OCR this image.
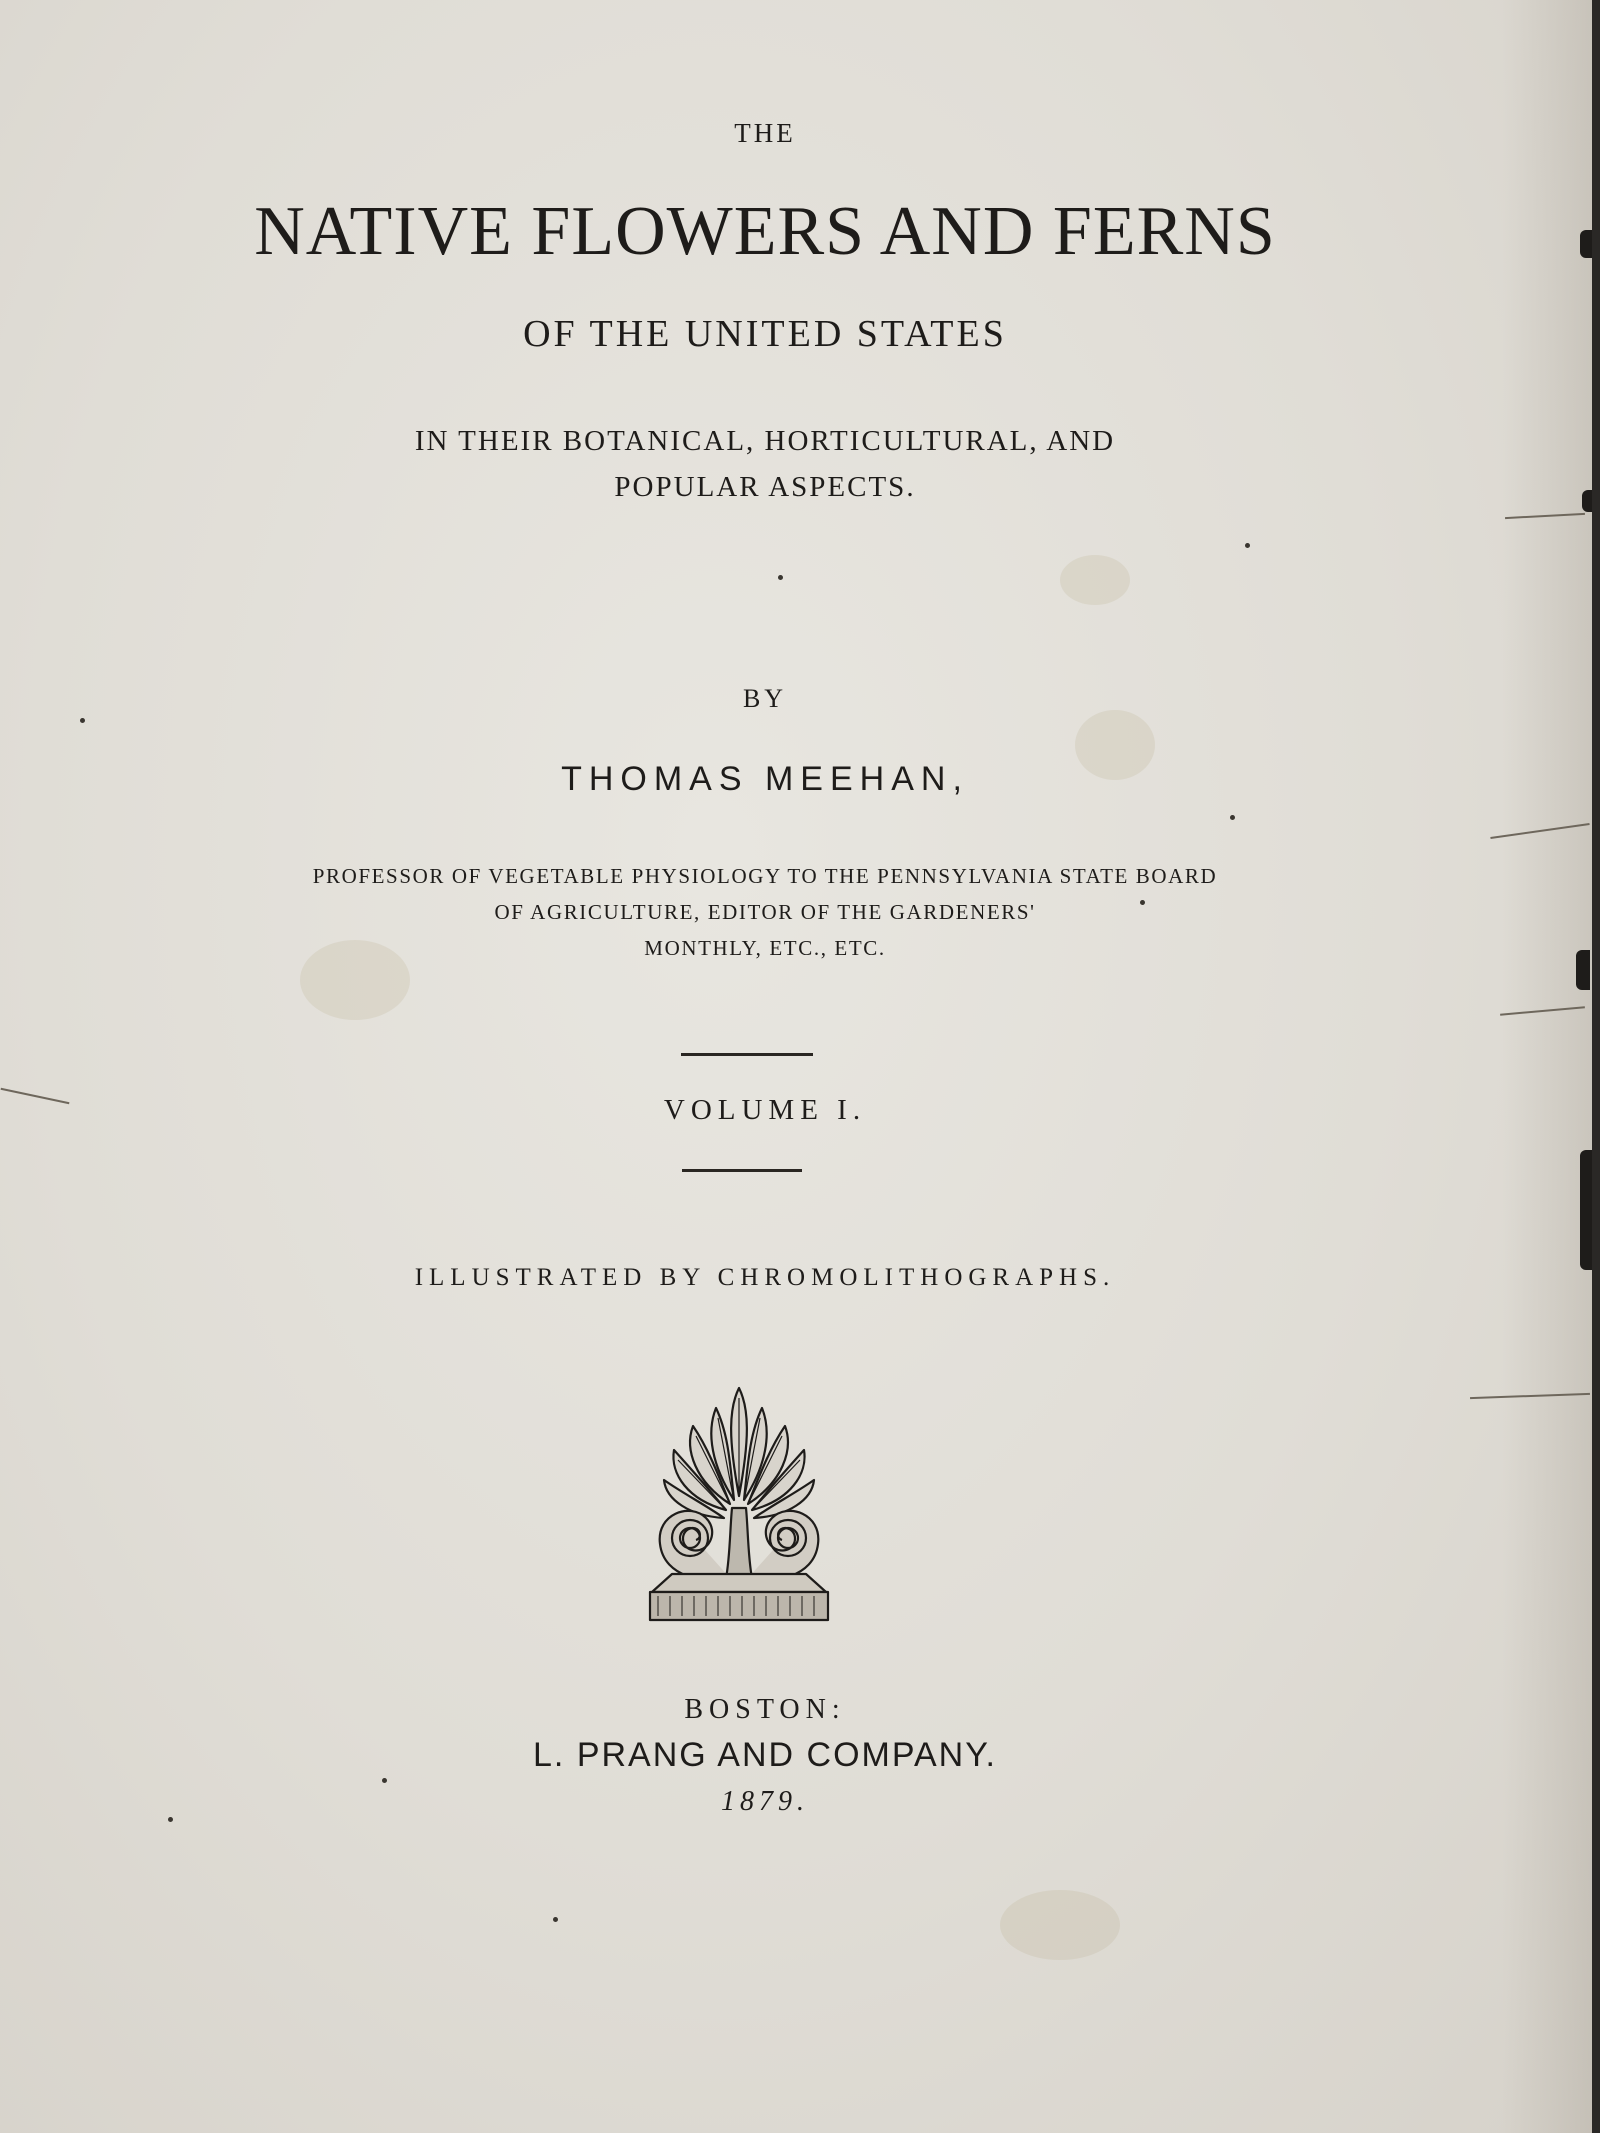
THE
NATIVE FLOWERS AND FERNS
OF THE UNITED STATES
IN THEIR BOTANICAL, HORTICULTURAL, AND
POPULAR ASPECTS.
BY
THOMAS MEEHAN,
PROFESSOR OF VEGETABLE PHYSIOLOGY TO THE PENNSYLVANIA STATE BOARD
OF AGRICULTURE, EDITOR OF THE GARDENERS'
MONTHLY, ETC., ETC.
VOLUME I.
ILLUSTRATED BY CHROMOLITHOGRAPHS.
BOSTON:
L. PRANG AND COMPANY.
1879.
